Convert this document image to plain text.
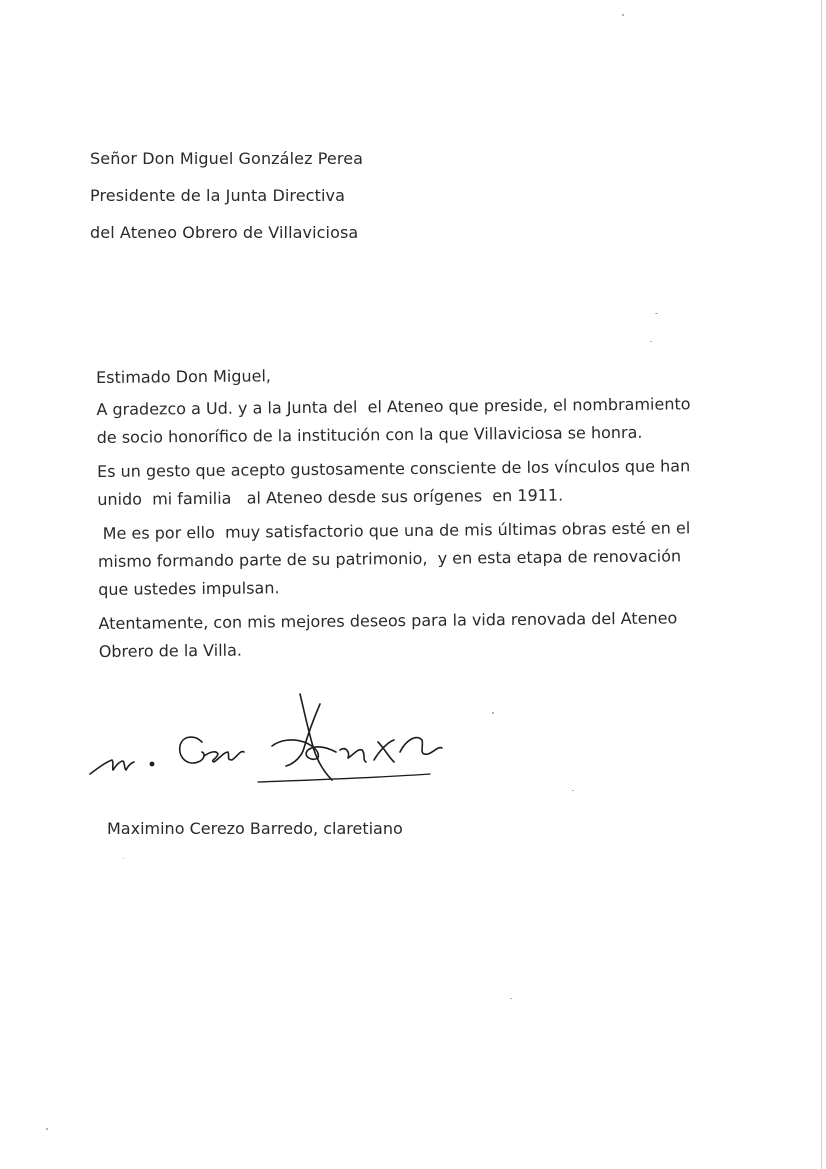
Señor Don Miguel González Perea
Presidente de la Junta Directiva
del Ateneo Obrero de Villaviciosa

Estimado Don Miguel,

A gradezco a Ud. y a la Junta del  el Ateneo que preside, el nombramiento
de socio honorífico de la institución con la que Villaviciosa se honra.

Es un gesto que acepto gustosamente consciente de los vínculos que han
unido  mi familia   al Ateneo desde sus orígenes  en 1911.

Me es por ello  muy satisfactorio que una de mis últimas obras esté en el
mismo formando parte de su patrimonio,  y en esta etapa de renovación
que ustedes impulsan.

Atentamente, con mis mejores deseos para la vida renovada del Ateneo
Obrero de la Villa.

Maximino Cerezo Barredo, claretiano
